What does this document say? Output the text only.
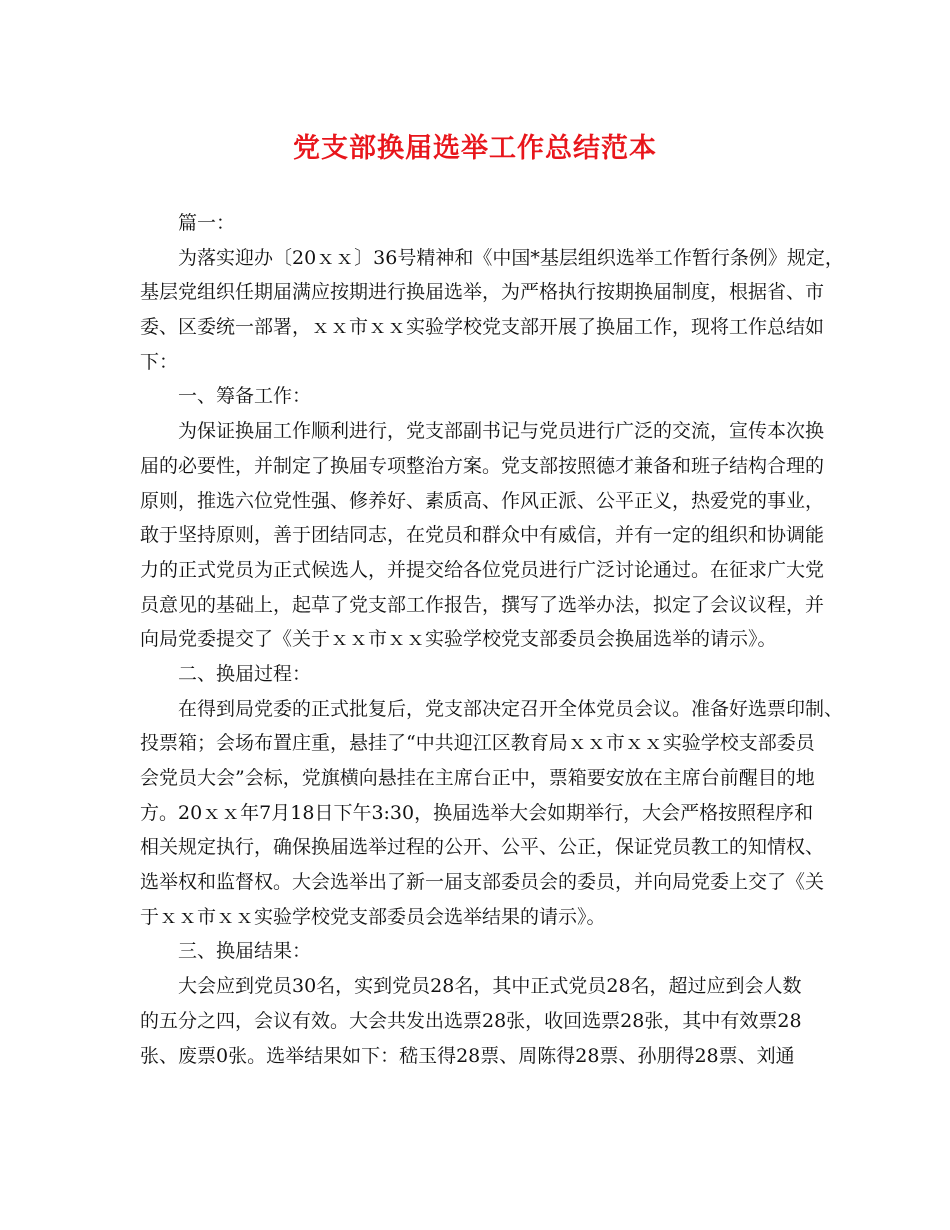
党支部换届选举工作总结范本
篇一：
为落实迎办〔20ｘｘ〕36号精神和《中国*基层组织选举工作暂行条例》规定，
基层党组织任期届满应按期进行换届选举，为严格执行按期换届制度，根据省、市
委、区委统一部署，ｘｘ市ｘｘ实验学校党支部开展了换届工作，现将工作总结如
下：
一、筹备工作：
为保证换届工作顺利进行，党支部副书记与党员进行广泛的交流，宣传本次换
届的必要性，并制定了换届专项整治方案。党支部按照德才兼备和班子结构合理的
原则，推选六位党性强、修养好、素质高、作风正派、公平正义，热爱党的事业，
敢于坚持原则，善于团结同志，在党员和群众中有威信，并有一定的组织和协调能
力的正式党员为正式候选人，并提交给各位党员进行广泛讨论通过。在征求广大党
员意见的基础上，起草了党支部工作报告，撰写了选举办法，拟定了会议议程，并
向局党委提交了《关于ｘｘ市ｘｘ实验学校党支部委员会换届选举的请示》。
二、换届过程：
在得到局党委的正式批复后，党支部决定召开全体党员会议。准备好选票印制、
投票箱；会场布置庄重，悬挂了“中共迎江区教育局ｘｘ市ｘｘ实验学校支部委员
会党员大会”会标，党旗横向悬挂在主席台正中，票箱要安放在主席台前醒目的地
方。20ｘｘ年7月18日下午3:30，换届选举大会如期举行，大会严格按照程序和
相关规定执行，确保换届选举过程的公开、公平、公正，保证党员教工的知情权、
选举权和监督权。大会选举出了新一届支部委员会的委员，并向局党委上交了《关
于ｘｘ市ｘｘ实验学校党支部委员会选举结果的请示》。
三、换届结果：
大会应到党员30名，实到党员28名，其中正式党员28名，超过应到会人数
的五分之四，会议有效。大会共发出选票28张，收回选票28张，其中有效票28
张、废票0张。选举结果如下：嵇玉得28票、周陈得28票、孙朋得28票、刘通
